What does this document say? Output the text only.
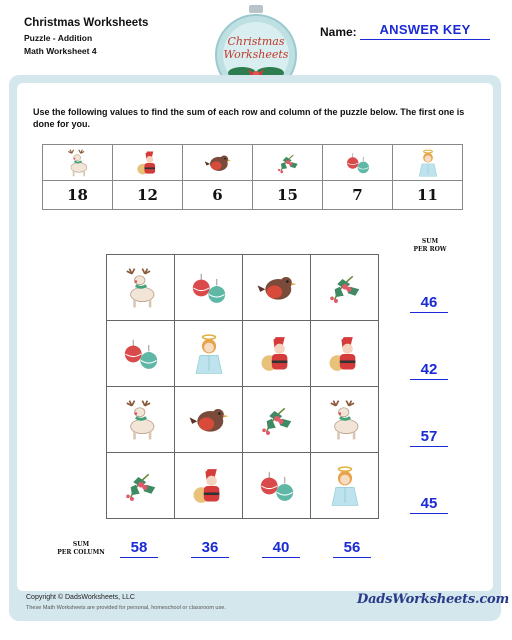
Christmas Worksheets
Puzzle - Addition
Math Worksheet 4
Christmas
Worksheets
Name:	ANSWER KEY
Use the following values to find the sum of each row and column of the puzzle below. The first one is done for you.

18	12	6	15	7	11

SUM
PER ROW
46
42
57
45
SUM
PER COLUMN	58	36	40	56
Copyright © DadsWorksheets, LLC
These Math Worksheets are provided for personal, homeschool or classroom use.
DadsWorksheets.com
